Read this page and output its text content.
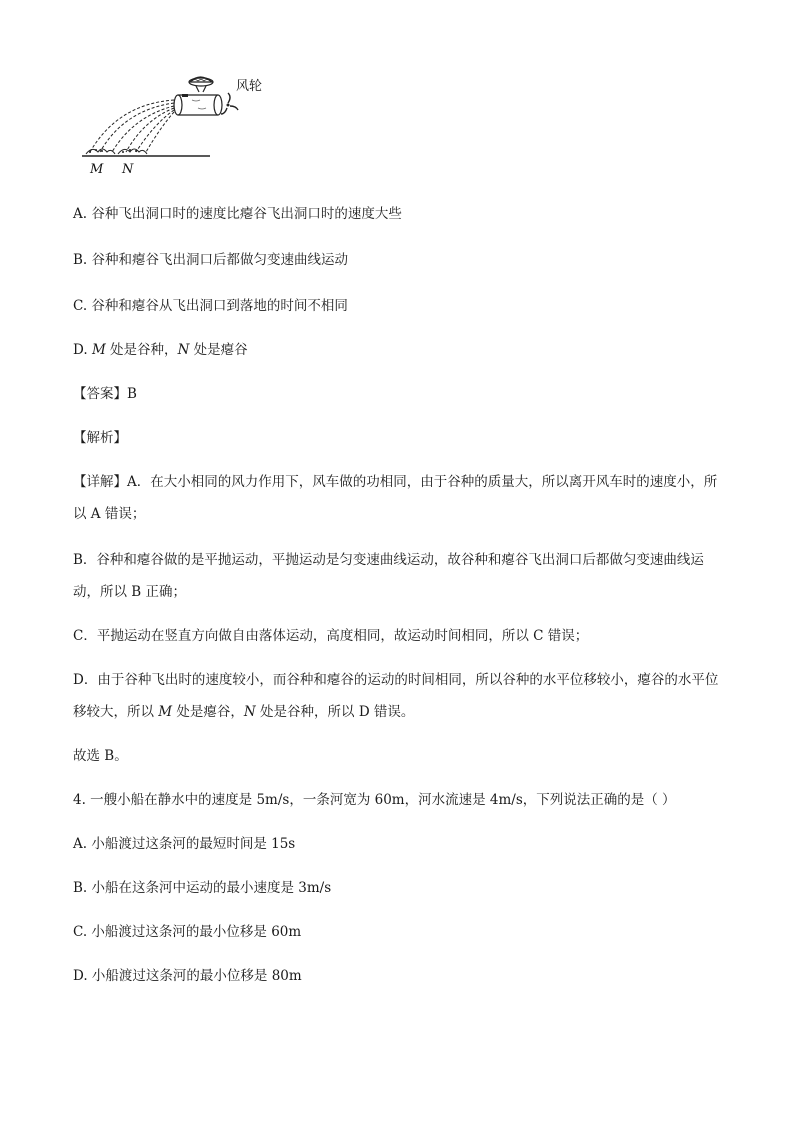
风轮
M N
A. 谷种飞出洞口时的速度比瘪谷飞出洞口时的速度大些
B. 谷种和瘪谷飞出洞口后都做匀变速曲线运动
C. 谷种和瘪谷从飞出洞口到落地的时间不相同
D. M 处是谷种，N 处是瘪谷
【答案】B
【解析】
【详解】A．在大小相同的风力作用下，风车做的功相同，由于谷种的质量大，所以离开风车时的速度小，所以 A 错误；
B．谷种和瘪谷做的是平抛运动，平抛运动是匀变速曲线运动，故谷种和瘪谷飞出洞口后都做匀变速曲线运动，所以 B 正确；
C．平抛运动在竖直方向做自由落体运动，高度相同，故运动时间相同，所以 C 错误；
D．由于谷种飞出时的速度较小，而谷种和瘪谷的运动的时间相同，所以谷种的水平位移较小，瘪谷的水平位移较大，所以 M 处是瘪谷，N 处是谷种，所以 D 错误。
故选 B。
4. 一艘小船在静水中的速度是 5m/s，一条河宽为 60m，河水流速是 4m/s，下列说法正确的是（ ）
A. 小船渡过这条河的最短时间是 15s
B. 小船在这条河中运动的最小速度是 3m/s
C. 小船渡过这条河的最小位移是 60m
D. 小船渡过这条河的最小位移是 80m
